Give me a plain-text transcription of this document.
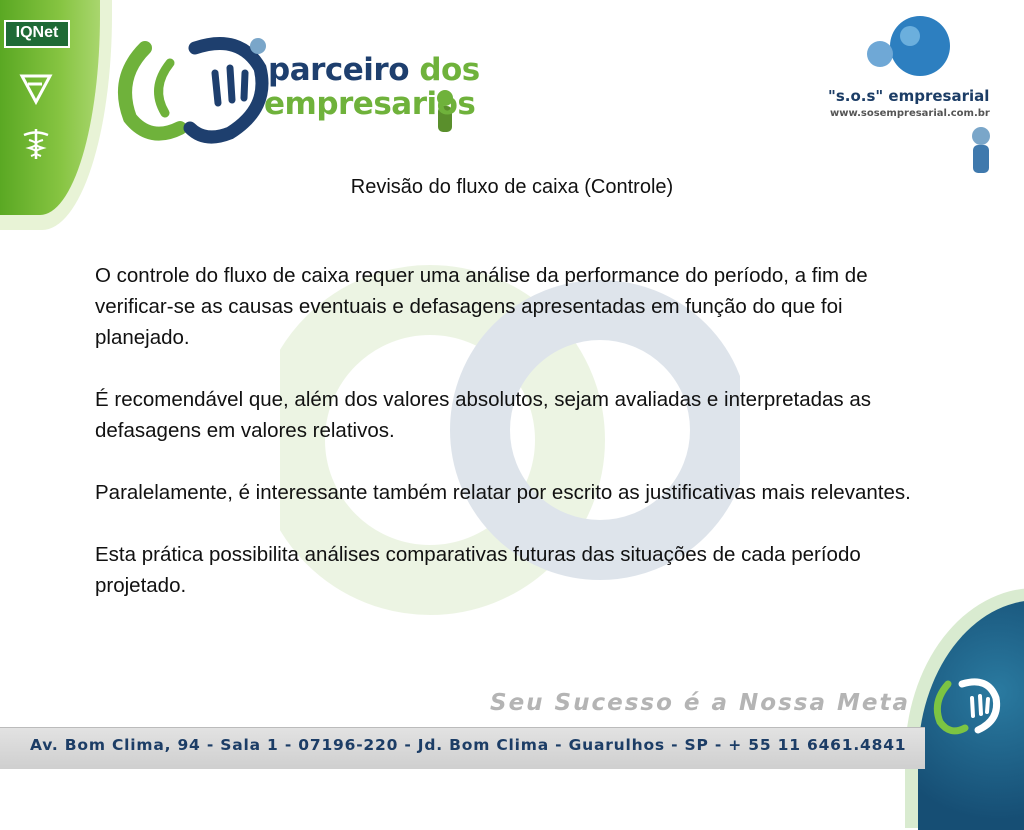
IQNet
parceiro dos
empresarios	"s.o.s" empresarial
www.sosempresarial.com.br
Revisão do fluxo de caixa (Controle)

O controle do fluxo de caixa requer uma análise da performance do período, a fim de verificar-se as causas eventuais e defasagens apresentadas em função do que foi planejado.

É recomendável que, além dos valores absolutos, sejam avaliadas e interpretadas as defasagens em valores relativos.

Paralelamente, é interessante também relatar por escrito as justificativas mais relevantes.

Esta prática possibilita análises comparativas futuras das situações de cada período projetado.

Seu Sucesso é a Nossa Meta
Av. Bom Clima, 94 - Sala 1 - 07196-220 - Jd. Bom Clima - Guarulhos - SP - + 55 11 6461.4841
